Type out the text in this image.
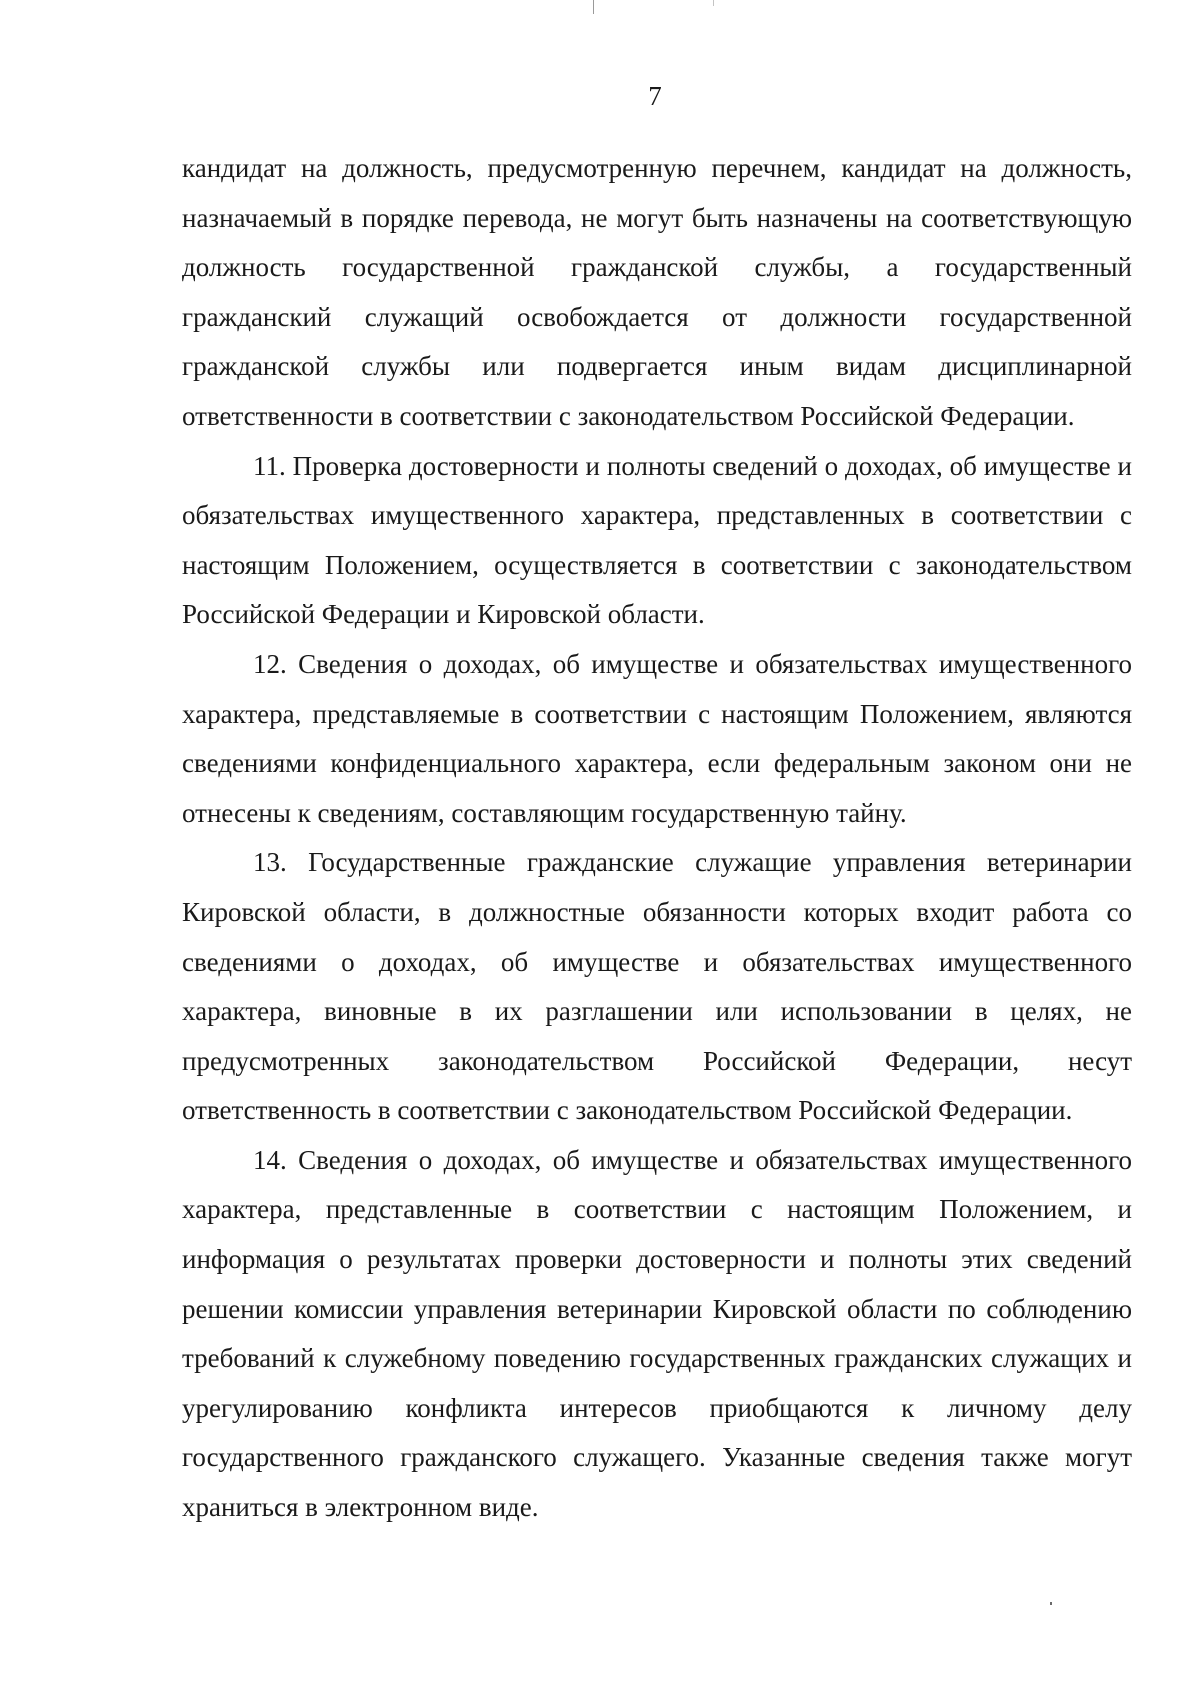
7

кандидат на должность, предусмотренную перечнем, кандидат на должность, назначаемый в порядке перевода, не могут быть назначены на соответствующую должность государственной гражданской службы, а государственный гражданский служащий освобождается от должности государственной гражданской службы или подвергается иным видам дисциплинарной ответственности в соответствии с законодательством Российской Федерации.

11. Проверка достоверности и полноты сведений о доходах, об имуществе и обязательствах имущественного характера, представленных в соответствии с настоящим Положением, осуществляется в соответствии с законодательством Российской Федерации и Кировской области.

12. Сведения о доходах, об имуществе и обязательствах имущественного характера, представляемые в соответствии с настоящим Положением, являются сведениями конфиденциального характера, если федеральным законом они не отнесены к сведениям, составляющим государственную тайну.

13. Государственные гражданские служащие управления ветеринарии Кировской области, в должностные обязанности которых входит работа со сведениями о доходах, об имуществе и обязательствах имущественного характера, виновные в их разглашении или использовании в целях, не предусмотренных законодательством Российской Федерации, несут ответственность в соответствии с законодательством Российской Федерации.

14. Сведения о доходах, об имуществе и обязательствах имущественного характера, представленные в соответствии с настоящим Положением, и информация о результатах проверки достоверности и полноты этих сведений решении комиссии управления ветеринарии Кировской области по соблюдению требований к служебному поведению государственных гражданских служащих и урегулированию конфликта интересов приобщаются к личному делу государственного гражданского служащего. Указанные сведения также могут храниться в электронном виде.
